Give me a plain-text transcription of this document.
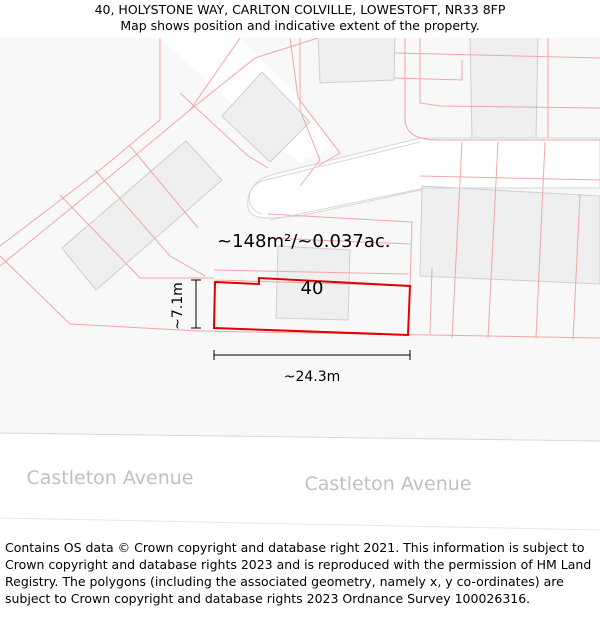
40, HOLYSTONE WAY, CARLTON COLVILLE, LOWESTOFT, NR33 8FP
Map shows position and indicative extent of the property.
~148m²/~0.037ac.
40
~7.1m
~24.3m
Castleton Avenue	Castleton Avenue
Contains OS data © Crown copyright and database right 2021. This information is subject to Crown copyright and database rights 2023 and is reproduced with the permission of HM Land Registry. The polygons (including the associated geometry, namely x, y co-ordinates) are subject to Crown copyright and database rights 2023 Ordnance Survey 100026316.
